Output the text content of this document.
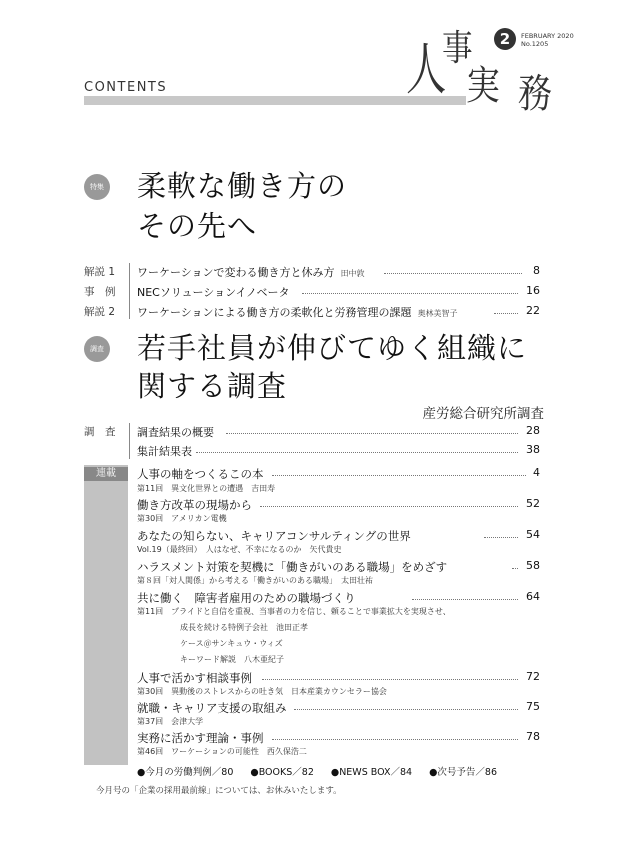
CONTENTS	人
事
実 務
2	FEBRUARY 2020
No.1205
特集 柔軟な働き方の
その先へ
解説 1	ワーケーションで変わる働き方と休み方 田中敦	8
事　例	NECソリューションイノベータ	16
解説 2	ワーケーションによる働き方の柔軟化と労務管理の課題 奥林美智子	22
調査 若手社員が伸びてゆく組織に
関する調査
産労総合研究所調査
調　査	調査結果の概要	28
集計結果表	38
連載	人事の軸をつくるこの本	4
第11回　異文化世界との遭遇　吉田寿
働き方改革の現場から	52
第30回　アメリカン電機
あなたの知らない、キャリアコンサルティングの世界	54
Vol.19（最終回）　人はなぜ、不幸になるのか　矢代貴史
ハラスメント対策を契機に「働きがいのある職場」をめざす	58
第８回「対人関係」から考える「働きがいのある職場」　太田壮祐
共に働く　障害者雇用のための職場づくり	64
第11回　プライドと自信を重視、当事者の力を信じ、頼ることで事業拡大を実現させ、
成長を続ける特例子会社　池田正孝
ケース＠サンキュウ・ウィズ
キーワード解説　八木亜紀子
人事で活かす相談事例	72
第30回　異動後のストレスからの吐き気　日本産業カウンセラー協会
就職・キャリア支援の取組み	75
第37回　会津大学
実務に活かす理論・事例	78
第46回　ワーケーションの可能性　西久保浩二
●今月の労働判例／80 ●BOOKS／82 ●NEWS BOX／84 ●次号予告／86
今月号の「企業の採用最前線」については、お休みいたします。
